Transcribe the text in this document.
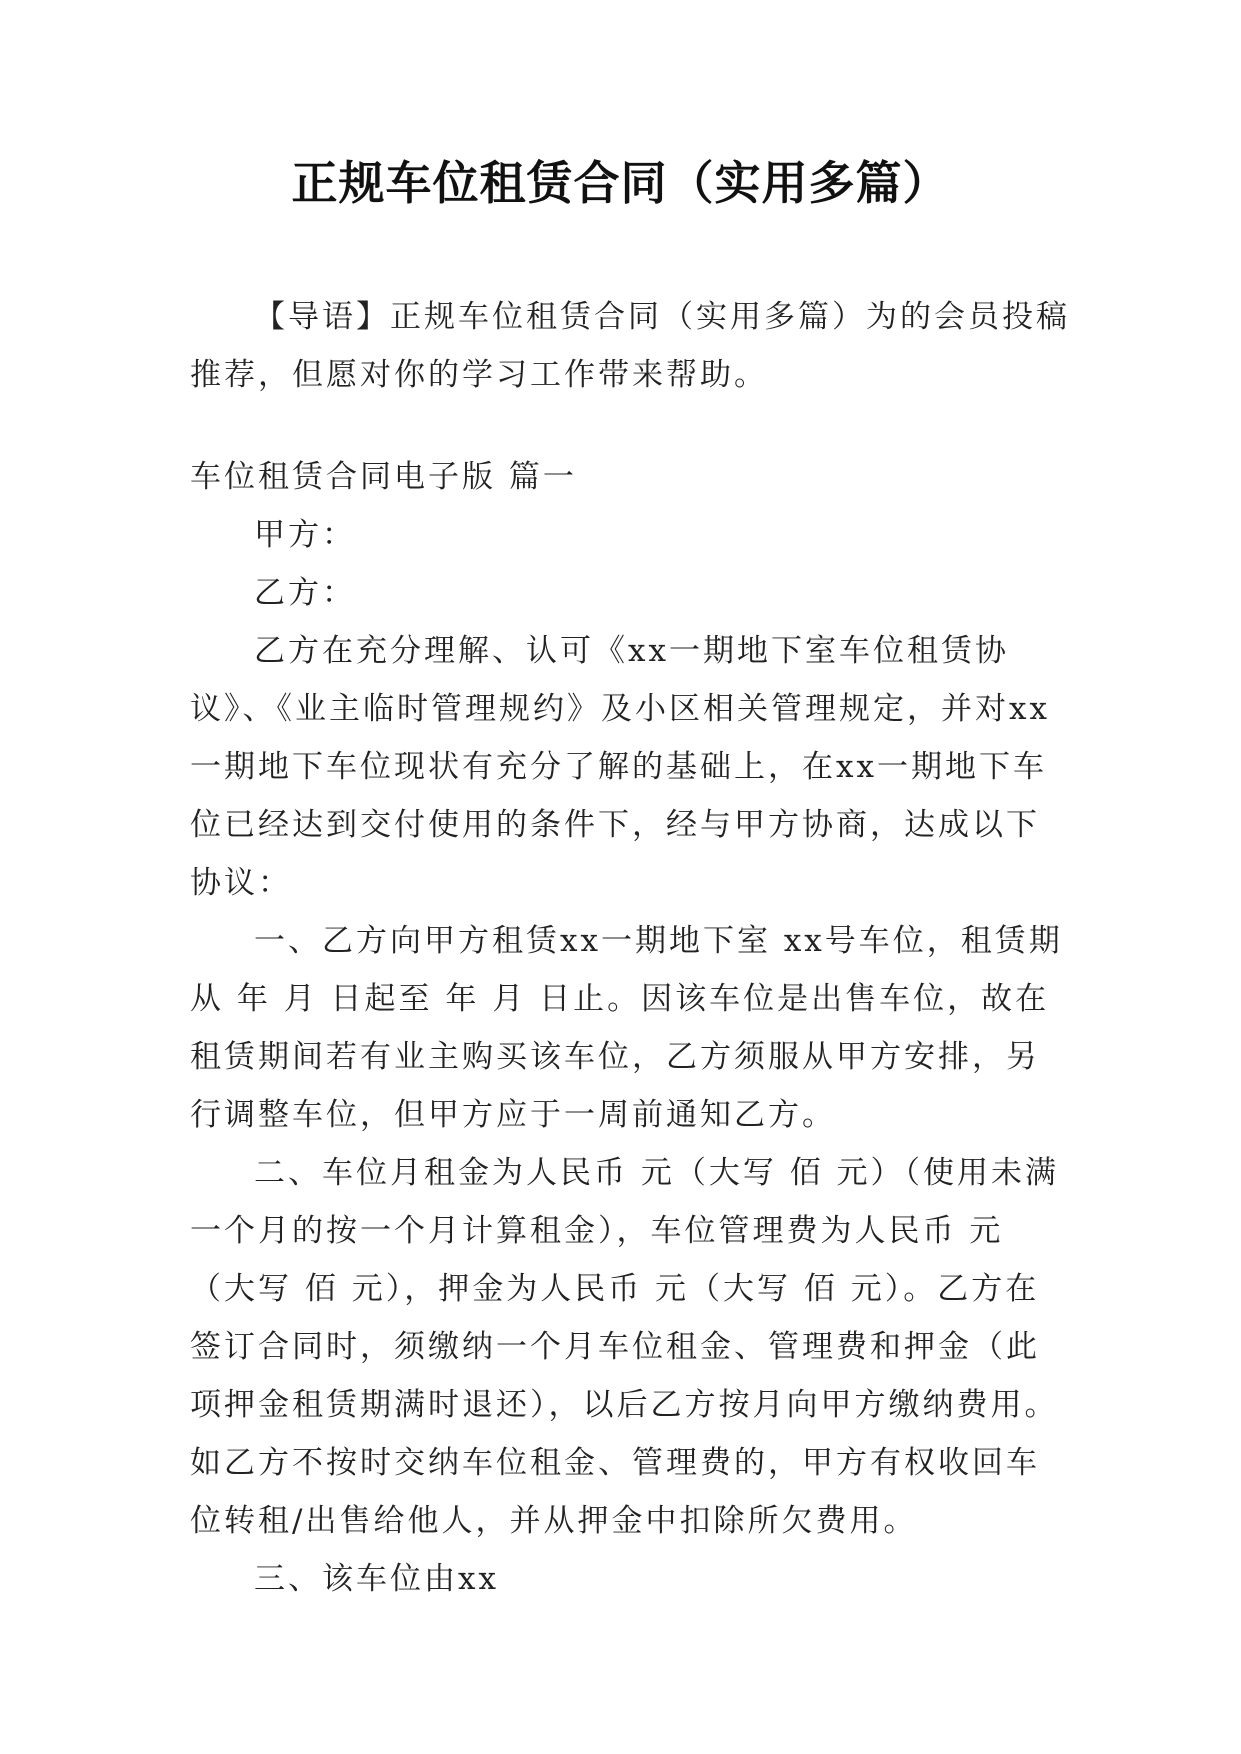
正规车位租赁合同（实用多篇）

【导语】正规车位租赁合同（实用多篇）为的会员投稿推荐，但愿对你的学习工作带来帮助。

车位租赁合同电子版 篇一

甲方：

乙方：

乙方在充分理解、认可《xx一期地下室车位租赁协议》、《业主临时管理规约》及小区相关管理规定，并对xx一期地下车位现状有充分了解的基础上，在xx一期地下车位已经达到交付使用的条件下，经与甲方协商，达成以下协议：

一、乙方向甲方租赁xx一期地下室 xx号车位，租赁期从 年 月 日起至 年 月 日止。因该车位是出售车位，故在租赁期间若有业主购买该车位，乙方须服从甲方安排，另行调整车位，但甲方应于一周前通知乙方。

二、车位月租金为人民币 元（大写 佰 元）（使用未满一个月的按一个月计算租金），车位管理费为人民币 元（大写 佰 元），押金为人民币 元（大写 佰 元）。乙方在签订合同时，须缴纳一个月车位租金、管理费和押金（此项押金租赁期满时退还），以后乙方按月向甲方缴纳费用。如乙方不按时交纳车位租金、管理费的，甲方有权收回车位转租/出售给他人，并从押金中扣除所欠费用。

三、该车位由xx
